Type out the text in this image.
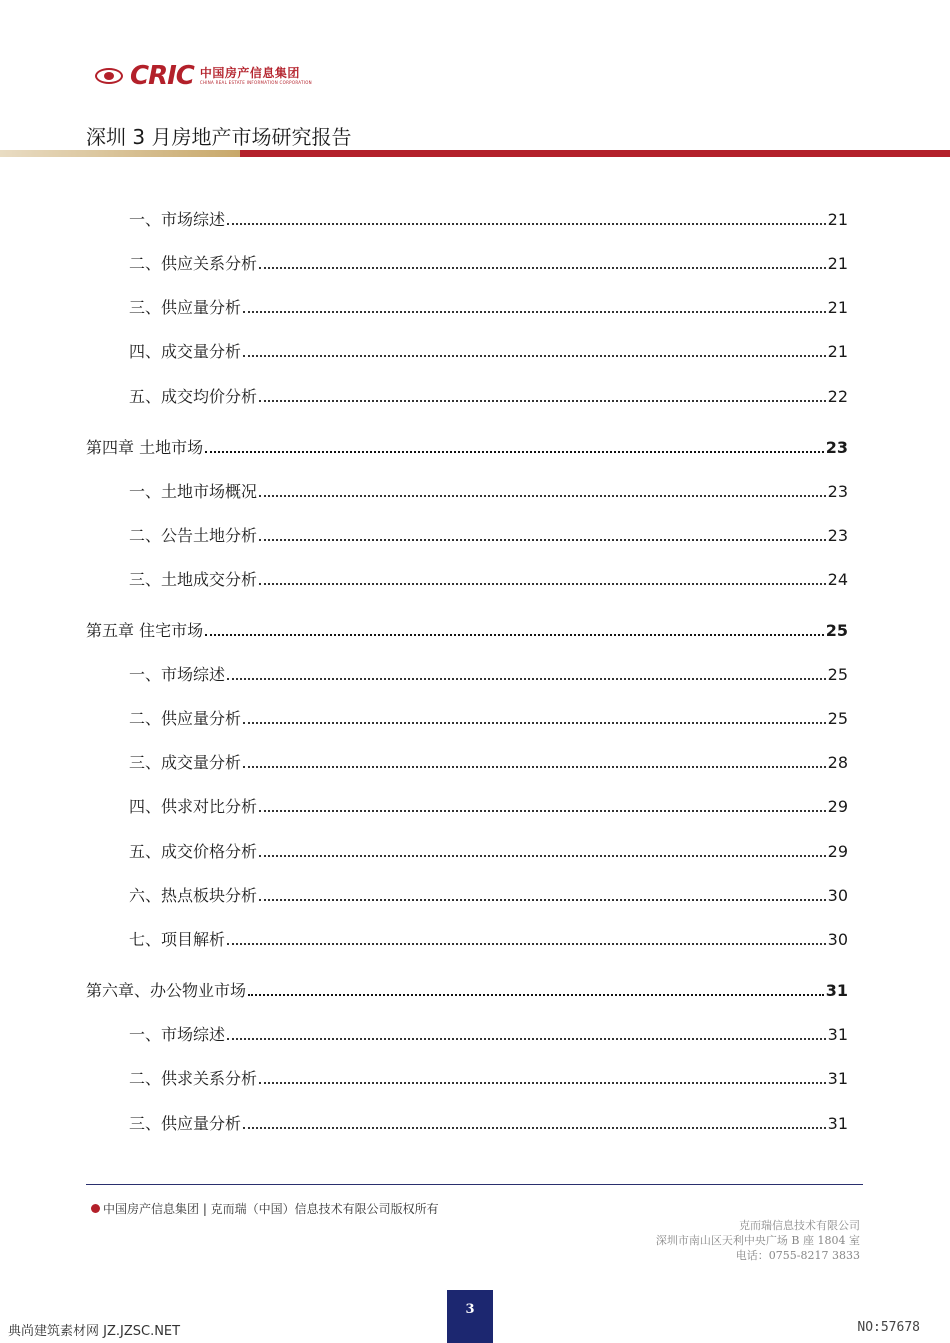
CRIC 中国房产信息集团
CHINA REAL ESTATE INFORMATION CORPORATION
深圳 3 月房地产市场研究报告
一、市场综述	21
二、供应关系分析	21
三、供应量分析	21
四、成交量分析	21
五、成交均价分析	22
第四章 土地市场	23
一、土地市场概况	23
二、公告土地分析	23
三、土地成交分析	24
第五章 住宅市场	25
一、市场综述	25
二、供应量分析	25
三、成交量分析	28
四、供求对比分析	29
五、成交价格分析	29
六、热点板块分析	30
七、项目解析	30
第六章、办公物业市场	31
一、市场综述	31
二、供求关系分析	31
三、供应量分析	31
中国房产信息集团 | 克而瑞（中国）信息技术有限公司版权所有
克而瑞信息技术有限公司
深圳市南山区天利中央广场 B 座 1804 室
电话：0755-8217 3833
3
典尚建筑素材网 JZ.JZSC.NET	NO:57678
